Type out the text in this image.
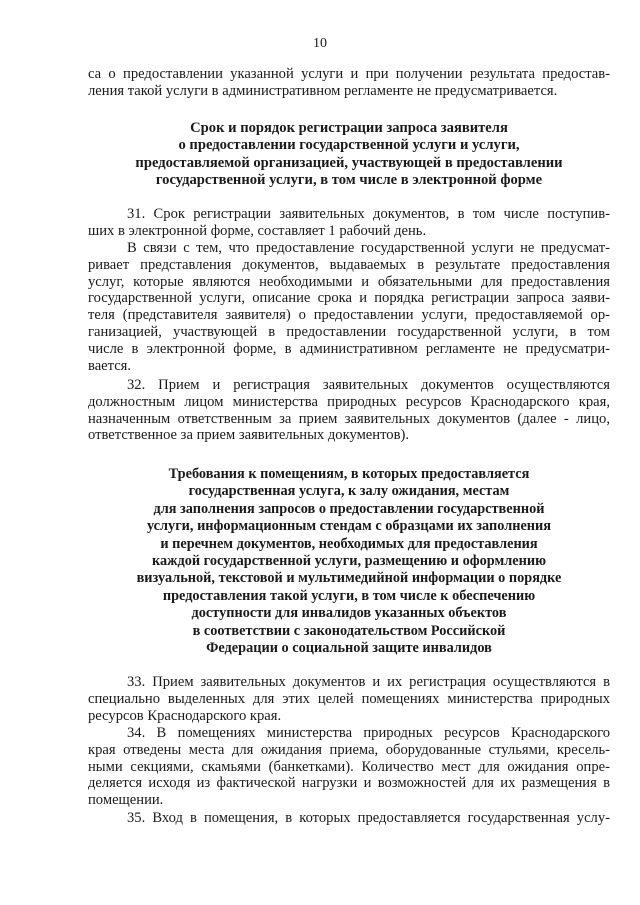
10

са о предоставлении указанной услуги и при получении результата предостав-

ления такой услуги в административном регламенте не предусматривается.

Срок и порядок регистрации запроса заявителя
о предоставлении государственной услуги и услуги,
предоставляемой организацией, участвующей в предоставлении
государственной услуги, в том числе в электронной форме

31. Срок регистрации заявительных документов, в том числе поступив-

ших в электронной форме, составляет 1 рабочий день.

В связи с тем, что предоставление государственной услуги не предусмат-

ривает представления документов, выдаваемых в результате предоставления

услуг, которые являются необходимыми и обязательными для предоставления

государственной услуги, описание срока и порядка регистрации запроса заяви-

теля (представителя заявителя) о предоставлении услуги, предоставляемой ор-

ганизацией, участвующей в предоставлении государственной услуги, в том

числе в электронной форме, в административном регламенте не предусматри-

вается.

32. Прием и регистрация заявительных документов осуществляются

должностным лицом министерства природных ресурсов Краснодарского края,

назначенным ответственным за прием заявительных документов (далее - лицо,

ответственное за прием заявительных документов).

Требования к помещениям, в которых предоставляется
государственная услуга, к залу ожидания, местам
для заполнения запросов о предоставлении государственной
услуги, информационным стендам с образцами их заполнения
и перечнем документов, необходимых для предоставления
каждой государственной услуги, размещению и оформлению
визуальной, текстовой и мультимедийной информации о порядке
предоставления такой услуги, в том числе к обеспечению
доступности для инвалидов указанных объектов
в соответствии с законодательством Российской
Федерации о социальной защите инвалидов

33. Прием заявительных документов и их регистрация осуществляются в

специально выделенных для этих целей помещениях министерства природных

ресурсов Краснодарского края.

34. В помещениях министерства природных ресурсов Краснодарского

края отведены места для ожидания приема, оборудованные стульями, кресель-

ными секциями, скамьями (банкетками). Количество мест для ожидания опре-

деляется исходя из фактической нагрузки и возможностей для их размещения в

помещении.

35. Вход в помещения, в которых предоставляется государственная услу-
